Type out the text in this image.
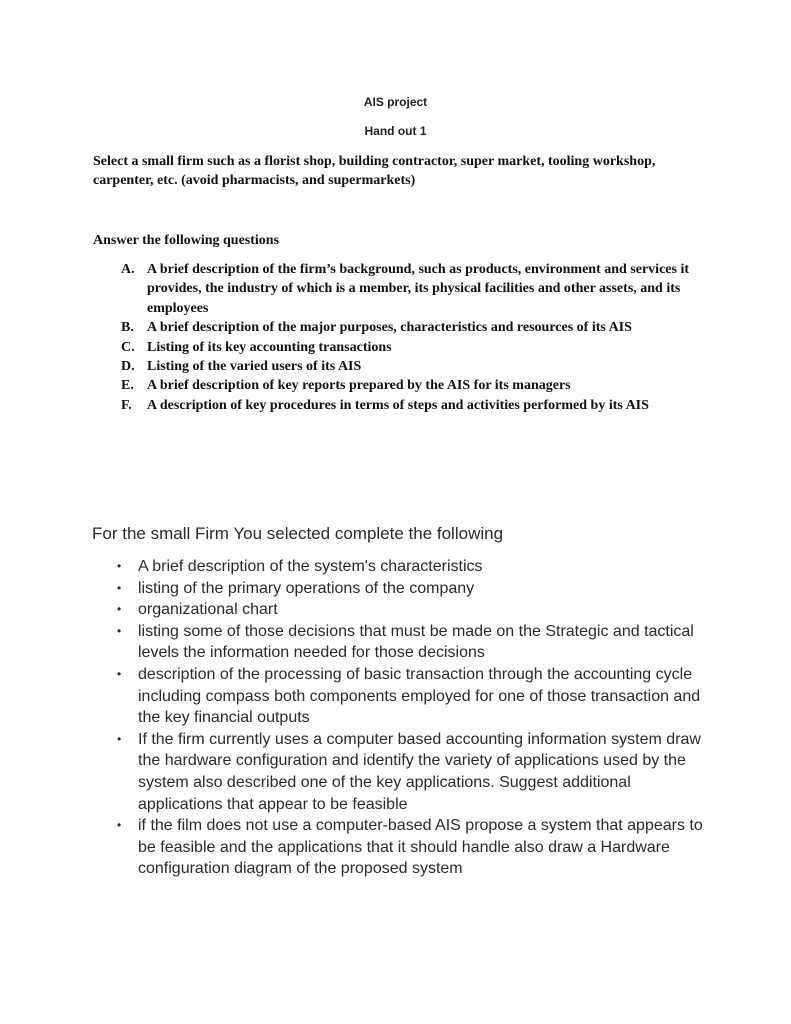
AIS project
Hand out 1
Select a small firm such as a florist shop, building contractor, super market, tooling workshop, carpenter, etc. (avoid pharmacists, and supermarkets)
Answer the following questions
A. A brief description of the firm’s background, such as products, environment and services it provides, the industry of which is a member, its physical facilities and other assets, and its employees
B. A brief description of the major purposes, characteristics and resources of its AIS
C. Listing of its key accounting transactions
D. Listing of the varied users of its AIS
E. A brief description of key reports prepared by the AIS for its managers
F.	A description of key procedures in terms of steps and activities performed by its AIS
For the small Firm You selected complete the following
•	A brief description of the system's characteristics
•	listing of the primary operations of the company
•	organizational chart
•	listing some of those decisions that must be made on the Strategic and tactical levels the information needed for those decisions
•	description of the processing of basic transaction through the accounting cycle including compass both components employed for one of those transaction and the key financial outputs
•	If the firm currently uses a computer based accounting information system draw the hardware configuration and identify the variety of applications used by the system also described one of the key applications. Suggest additional applications that appear to be feasible
•	if the film does not use a computer-based AIS propose a system that appears to be feasible and the applications that it should handle also draw a Hardware configuration diagram of the proposed system
